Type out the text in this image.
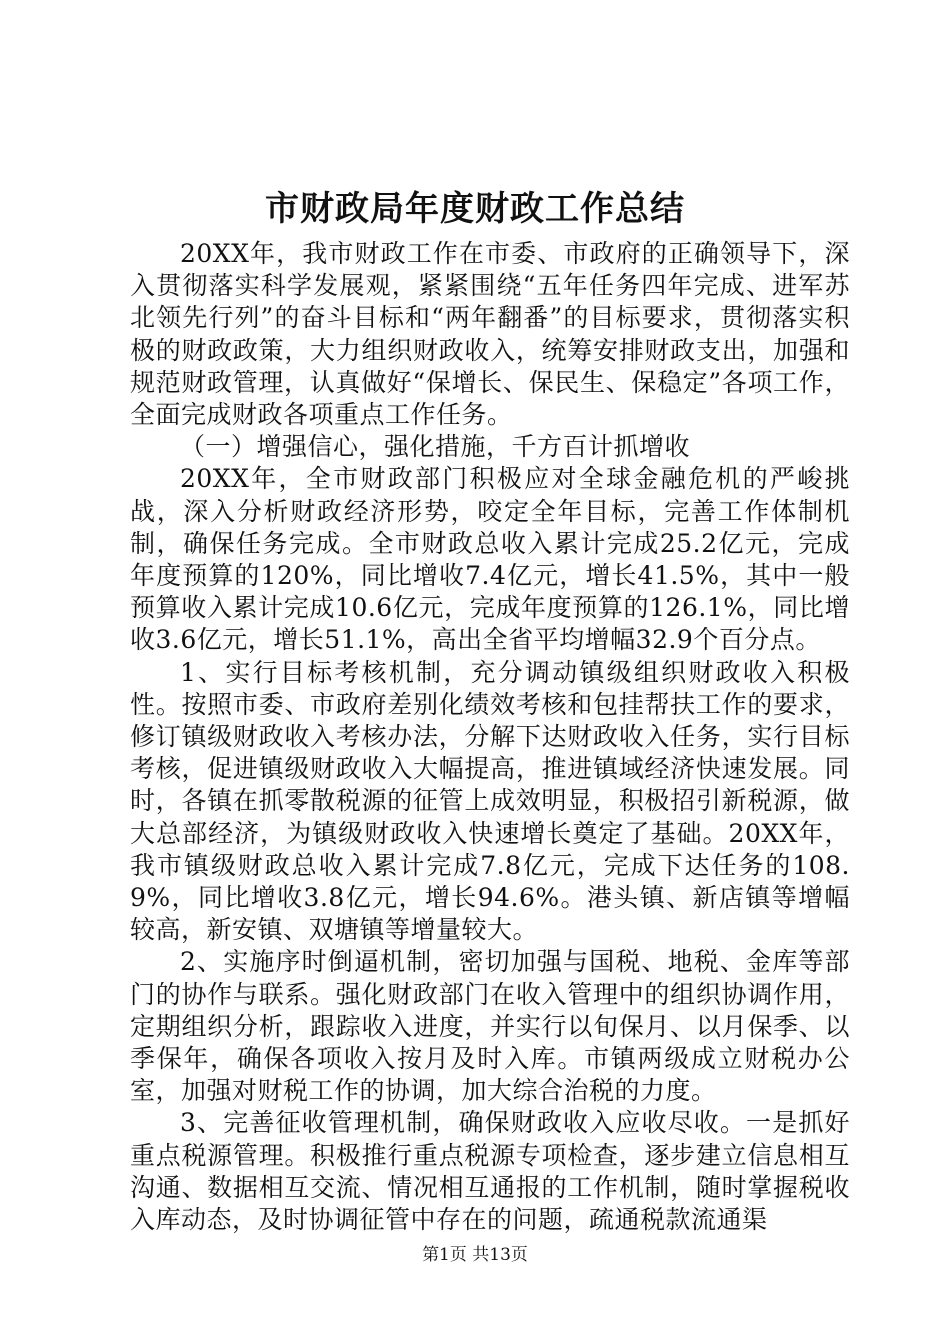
市财政局年度财政工作总结

20XX年，我市财政工作在市委、市政府的正确领导下，深入贯彻落实科学发展观，紧紧围绕“五年任务四年完成、进军苏北领先行列”的奋斗目标和“两年翻番”的目标要求，贯彻落实积极的财政政策，大力组织财政收入，统筹安排财政支出，加强和规范财政管理，认真做好“保增长、保民生、保稳定”各项工作，全面完成财政各项重点工作任务。

（一）增强信心，强化措施，千方百计抓增收

20XX年，全市财政部门积极应对全球金融危机的严峻挑战，深入分析财政经济形势，咬定全年目标，完善工作体制机制，确保任务完成。全市财政总收入累计完成25.2亿元，完成年度预算的120%，同比增收7.4亿元，增长41.5%，其中一般预算收入累计完成10.6亿元，完成年度预算的126.1%，同比增收3.6亿元，增长51.1%，高出全省平均增幅32.9个百分点。

1、实行目标考核机制，充分调动镇级组织财政收入积极性。按照市委、市政府差别化绩效考核和包挂帮扶工作的要求，修订镇级财政收入考核办法，分解下达财政收入任务，实行目标考核，促进镇级财政收入大幅提高，推进镇域经济快速发展。同时，各镇在抓零散税源的征管上成效明显，积极招引新税源，做大总部经济，为镇级财政收入快速增长奠定了基础。20XX年，我市镇级财政总收入累计完成7.8亿元，完成下达任务的108.9%，同比增收3.8亿元，增长94.6%。港头镇、新店镇等增幅较高，新安镇、双塘镇等增量较大。

2、实施序时倒逼机制，密切加强与国税、地税、金库等部门的协作与联系。强化财政部门在收入管理中的组织协调作用，定期组织分析，跟踪收入进度，并实行以旬保月、以月保季、以季保年，确保各项收入按月及时入库。市镇两级成立财税办公室，加强对财税工作的协调，加大综合治税的力度。

3、完善征收管理机制，确保财政收入应收尽收。一是抓好重点税源管理。积极推行重点税源专项检查，逐步建立信息相互沟通、数据相互交流、情况相互通报的工作机制，随时掌握税收入库动态，及时协调征管中存在的问题，疏通税款流通渠

第1页 共13页
